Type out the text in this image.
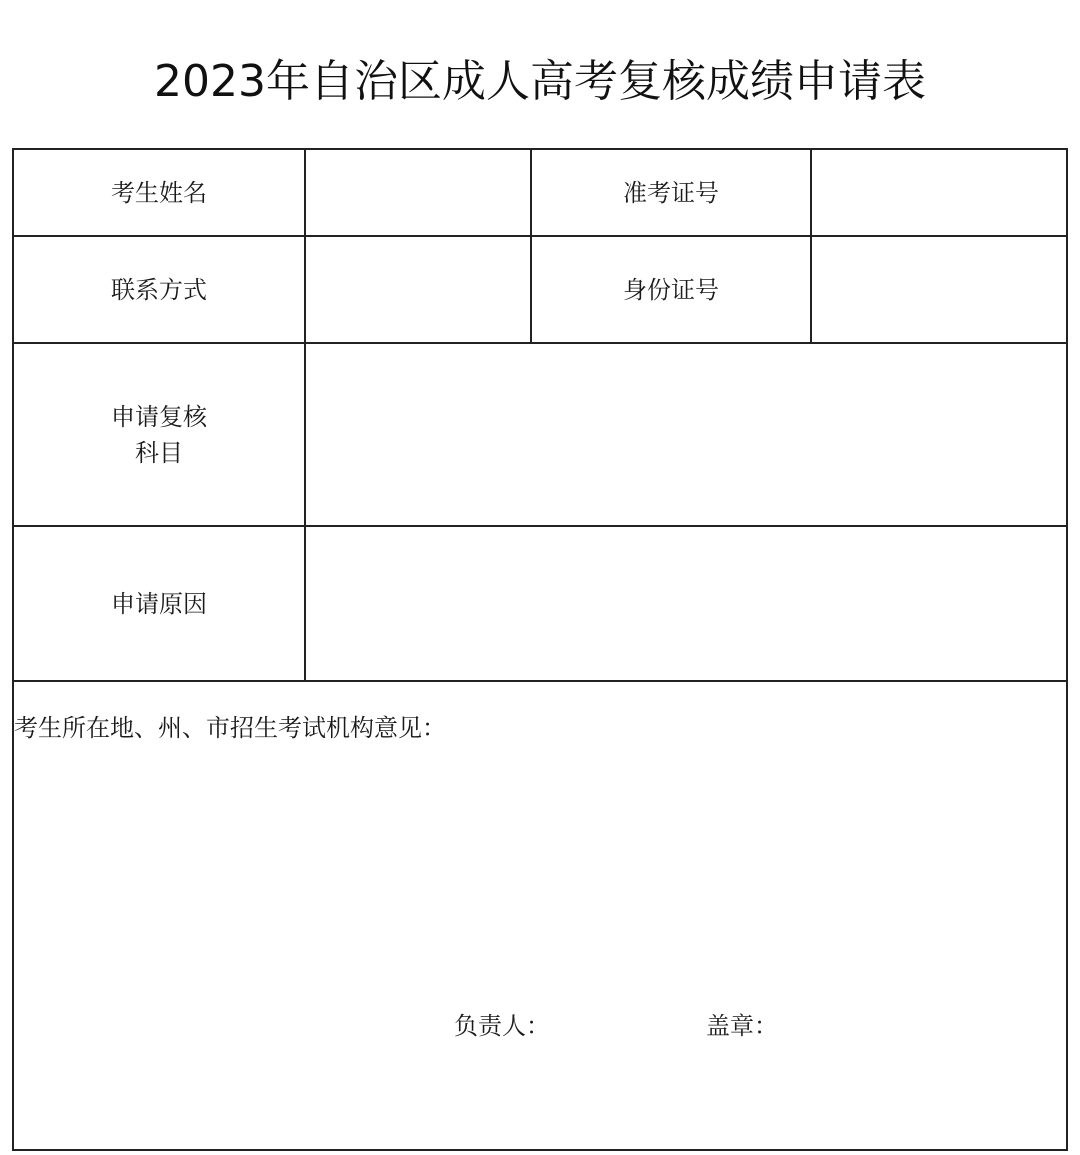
2023年自治区成人高考复核成绩申请表
考生姓名	准考证号
联系方式	身份证号
申请复核
科目
申请原因
考生所在地、州、市招生考试机构意见：
负责人：	盖章：
